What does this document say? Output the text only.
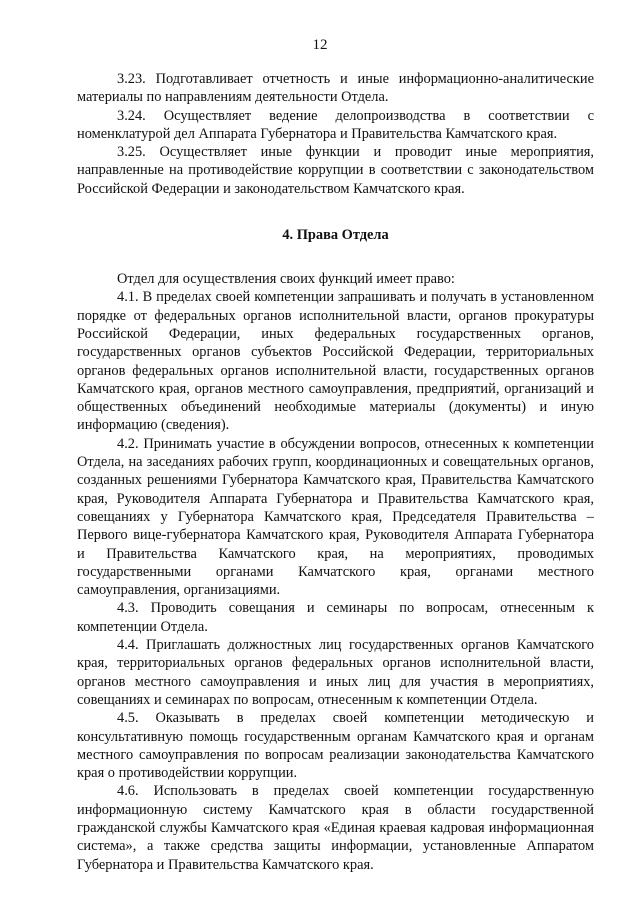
12

3.23. Подготавливает отчетность и иные информационно-аналитические материалы по направлениям деятельности Отдела.

3.24. Осуществляет ведение делопроизводства в соответствии с номенклатурой дел Аппарата Губернатора и Правительства Камчатского края.

3.25. Осуществляет иные функции и проводит иные мероприятия, направленные на противодействие коррупции в соответствии с законодательством Российской Федерации и законодательством Камчатского края.

4. Права Отдела

Отдел для осуществления своих функций имеет право:

4.1. В пределах своей компетенции запрашивать и получать в установленном порядке от федеральных органов исполнительной власти, органов прокуратуры Российской Федерации, иных федеральных государственных органов, государственных органов субъектов Российской Федерации, территориальных органов федеральных органов исполнительной власти, государственных органов Камчатского края, органов местного самоуправления, предприятий, организаций и общественных объединений необходимые материалы (документы) и иную информацию (сведения).

4.2. Принимать участие в обсуждении вопросов, отнесенных к компетенции Отдела, на заседаниях рабочих групп, координационных и совещательных органов, созданных решениями Губернатора Камчатского края, Правительства Камчатского края, Руководителя Аппарата Губернатора и Правительства Камчатского края, совещаниях у Губернатора Камчатского края, Председателя Правительства – Первого вице-губернатора Камчатского края, Руководителя Аппарата Губернатора и Правительства Камчатского края, на мероприятиях, проводимых государственными органами Камчатского края, органами местного самоуправления, организациями.

4.3. Проводить совещания и семинары по вопросам, отнесенным к компетенции Отдела.

4.4. Приглашать должностных лиц государственных органов Камчатского края, территориальных органов федеральных органов исполнительной власти, органов местного самоуправления и иных лиц для участия в мероприятиях, совещаниях и семинарах по вопросам, отнесенным к компетенции Отдела.

4.5. Оказывать в пределах своей компетенции методическую и консультативную помощь государственным органам Камчатского края и органам местного самоуправления по вопросам реализации законодательства Камчатского края о противодействии коррупции.

4.6. Использовать в пределах своей компетенции государственную информационную систему Камчатского края в области государственной гражданской службы Камчатского края «Единая краевая кадровая информационная система», а также средства защиты информации, установленные Аппаратом Губернатора и Правительства Камчатского края.
